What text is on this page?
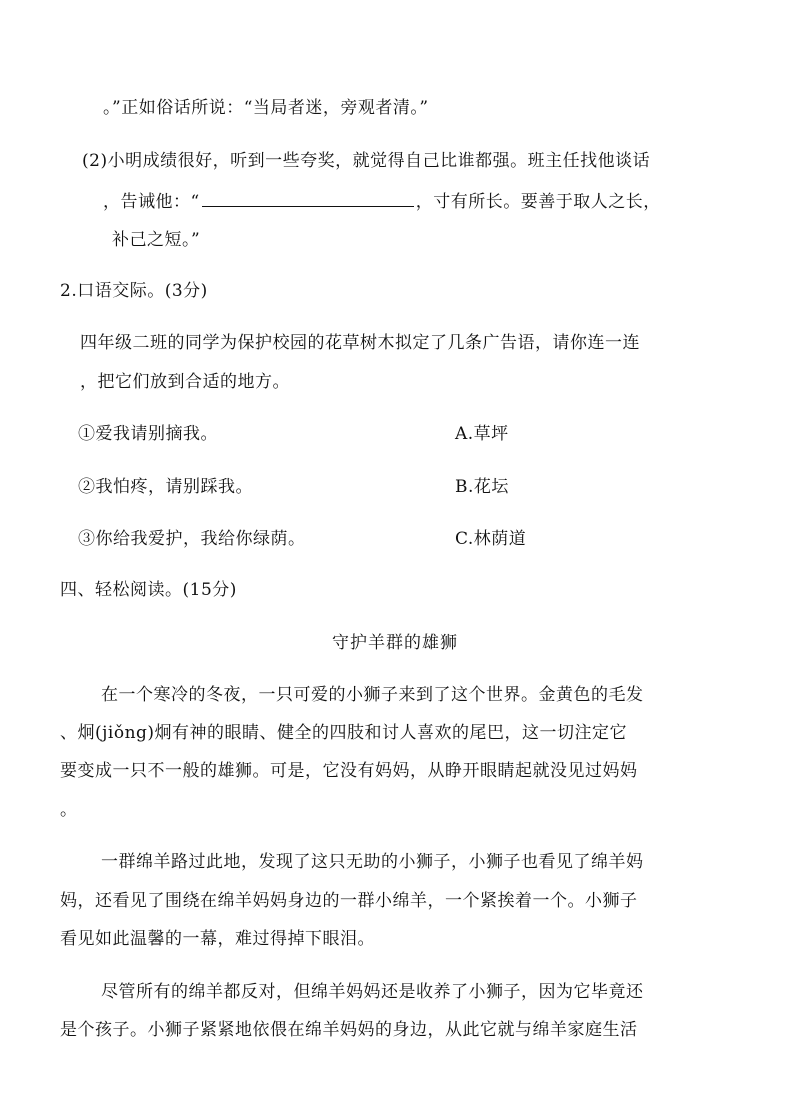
。”正如俗话所说：“当局者迷，旁观者清。”
(2)小明成绩很好，听到一些夸奖，就觉得自己比谁都强。班主任找他谈话
，告诫他：“	，寸有所长。要善于取人之长，
补己之短。”
2.口语交际。(3分)
四年级二班的同学为保护校园的花草树木拟定了几条广告语，请你连一连
，把它们放到合适的地方。
①爱我请别摘我。	A.草坪
②我怕疼，请别踩我。	B.花坛
③你给我爱护，我给你绿荫。	C.林荫道
四、轻松阅读。(15分)
守护羊群的雄狮
在一个寒冷的冬夜，一只可爱的小狮子来到了这个世界。金黄色的毛发
、炯(jiǒng)炯有神的眼睛、健全的四肢和讨人喜欢的尾巴，这一切注定它
要变成一只不一般的雄狮。可是，它没有妈妈，从睁开眼睛起就没见过妈妈
。
一群绵羊路过此地，发现了这只无助的小狮子，小狮子也看见了绵羊妈
妈，还看见了围绕在绵羊妈妈身边的一群小绵羊，一个紧挨着一个。小狮子
看见如此温馨的一幕，难过得掉下眼泪。
尽管所有的绵羊都反对，但绵羊妈妈还是收养了小狮子，因为它毕竟还
是个孩子。小狮子紧紧地依偎在绵羊妈妈的身边，从此它就与绵羊家庭生活
